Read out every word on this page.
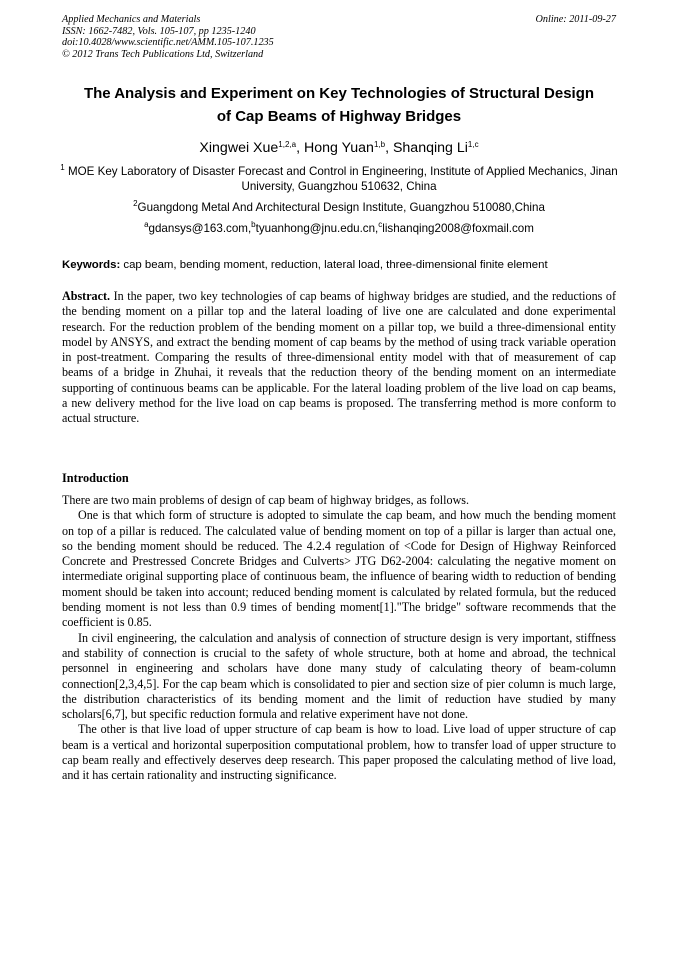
Applied Mechanics and Materials
ISSN: 1662-7482, Vols. 105-107, pp 1235-1240
doi:10.4028/www.scientific.net/AMM.105-107.1235
© 2012 Trans Tech Publications Ltd, Switzerland
Online: 2011-09-27
The Analysis and Experiment on Key Technologies of Structural Design
of Cap Beams of Highway Bridges
Xingwei Xue$^{1,2,a}$, Hong Yuan$^{1,b}$, Shanqing Li$^{1,c}$
$^1$ MOE Key Laboratory of Disaster Forecast and Control in Engineering, Institute of Applied Mechanics, Jinan University, Guangzhou 510632, China
$^2$Guangdong Metal And Architectural Design Institute, Guangzhou 510080,China
$^a$gdansys@163.com,$^b$tyuanhong@jnu.edu.cn,$^c$lishanqing2008@foxmail.com
Keywords: cap beam, bending moment, reduction, lateral load, three-dimensional finite element
Abstract. In the paper, two key technologies of cap beams of highway bridges are studied, and the reductions of the bending moment on a pillar top and the lateral loading of live one are calculated and done experimental research. For the reduction problem of the bending moment on a pillar top, we build a three-dimensional entity model by ANSYS, and extract the bending moment of cap beams by the method of using track variable operation in post-treatment. Comparing the results of three-dimensional entity model with that of measurement of cap beams of a bridge in Zhuhai, it reveals that the reduction theory of the bending moment on an intermediate supporting of continuous beams can be applicable. For the lateral loading problem of the live load on cap beams, a new delivery method for the live load on cap beams is proposed. The transferring method is more conform to actual structure.
Introduction

There are two main problems of design of cap beam of highway bridges, as follows.

One is that which form of structure is adopted to simulate the cap beam, and how much the bending moment on top of a pillar is reduced. The calculated value of bending moment on top of a pillar is larger than actual one, so the bending moment should be reduced. The 4.2.4 regulation of <Code for Design of Highway Reinforced Concrete and Prestressed Concrete Bridges and Culverts> JTG D62-2004: calculating the negative moment on intermediate original supporting place of continuous beam, the influence of bearing width to reduction of bending moment should be taken into account; reduced bending moment is calculated by related formula, but the reduced bending moment is not less than 0.9 times of bending moment[1]."The bridge" software recommends that the coefficient is 0.85.

In civil engineering, the calculation and analysis of connection of structure design is very important, stiffness and stability of connection is crucial to the safety of whole structure, both at home and abroad, the technical personnel in engineering and scholars have done many study of calculating theory of beam-column connection[2,3,4,5]. For the cap beam which is consolidated to pier and section size of pier column is much large, the distribution characteristics of its bending moment and the limit of reduction have studied by many scholars[6,7], but specific reduction formula and relative experiment have not done.

The other is that live load of upper structure of cap beam is how to load. Live load of upper structure of cap beam is a vertical and horizontal superposition computational problem, how to transfer load of upper structure to cap beam really and effectively deserves deep research. This paper proposed the calculating method of live load, and it has certain rationality and instructing significance.
